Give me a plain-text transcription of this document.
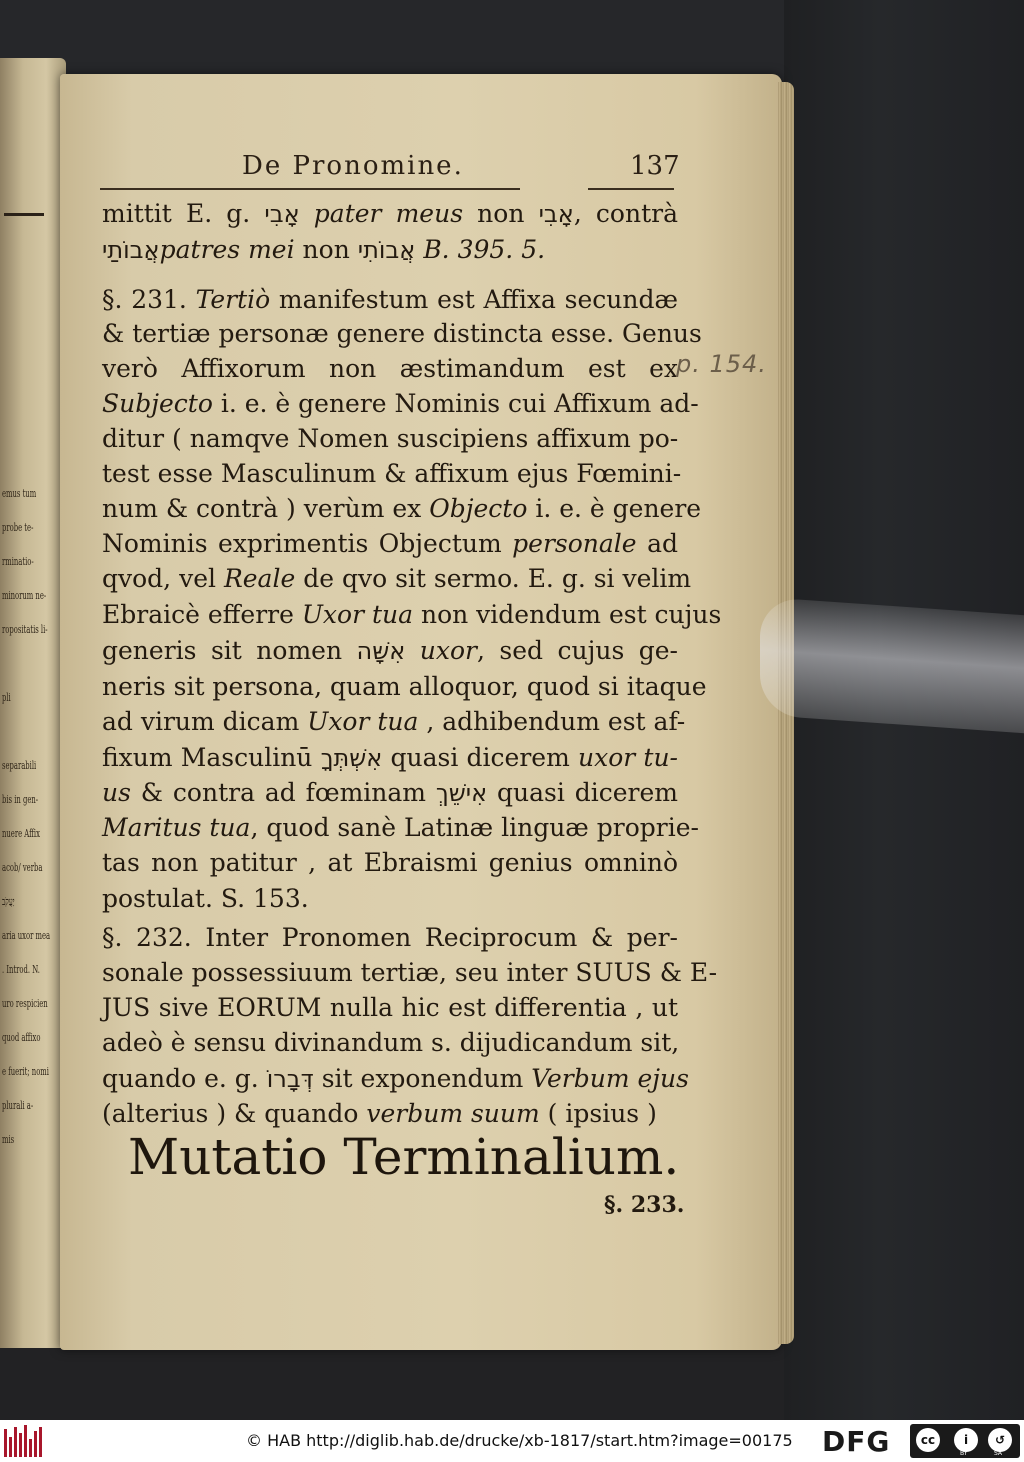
emus tum
probe te-
rminatio-
minorum ne-
ropositatis li-
pli
separabili
bis in gen-
nuere Affix
acob/ verba
יַעֲקֹב
aria uxor mea
. Introd. N.
uro respicien
quod affixo
e fuerit; nomi
plurali a-
mis
De Pronomine.	137
mittit E. g. אָבִי pater meus non אָבִי, contrà
אֲבוֹתַיpatres mei non אֲבוֹתִי B. 395. 5.
§. 231. Tertiò manifestum est Affixa secundæ
& tertiæ personæ genere distincta esse. Genus
verò Affixorum non æstimandum est ex
Subjecto i. e. è genere Nominis cui Affixum ad-
ditur ( namqve Nomen suscipiens affixum po-
test esse Masculinum & affixum ejus Fœmini-
num & contrà ) verùm ex Objecto i. e. è genere
Nominis exprimentis Objectum personale ad
qvod, vel Reale de qvo sit sermo. E. g. si velim
Ebraicè efferre Uxor tua non videndum est cujus
generis sit nomen אִשָּׁה uxor, sed cujus ge-
neris sit persona, quam alloquor, quod si itaque
ad virum dicam Uxor tua , adhibendum est af-
fixum Masculinū אִשְׁתְּךָ quasi dicerem uxor tu-
us & contra ad fœminam אִישֵׁךְ quasi dicerem
Maritus tua, quod sanè Latinæ linguæ proprie-
tas non patitur , at Ebraismi genius omninò
postulat. S. 153.
§. 232. Inter Pronomen Reciprocum & per-
sonale possessiuum tertiæ, seu inter SUUS & E-
JUS sive EORUM nulla hic est differentia , ut
adeò è sensu divinandum s. dijudicandum sit,
quando e. g. דְּבָרוֹ sit exponendum Verbum ejus
(alterius ) & quando verbum suum ( ipsius )
p. 154.
Mutatio Terminalium.
§. 233.
© HAB http://diglib.hab.de/drucke/xb-1817/start.htm?image=00175 DFG	cc	i	↺
BY	SA
